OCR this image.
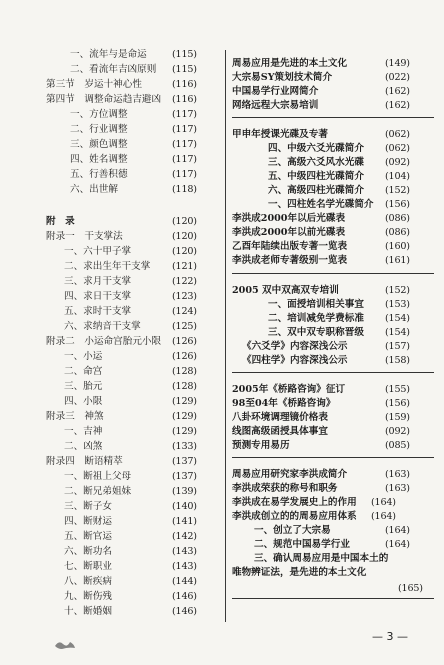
一、流年与是命运	(115)
二、看流年吉凶原则 (115)
第三节　岁运十神心性	(116)
第四节　调整命运趋吉避凶 (116)
一、方位调整	(117)
二、行业调整	(117)
三、颜色调整	(117)
四、姓名调整	(117)
五、行善积德	(117)
六、出世解	(118)
附　录	(120)
附录一　干支掌法	(120)
一、六十甲子掌	(120)
二、求出生年干支掌 (121)
三、求月干支掌	(122)
四、求日干支掌	(123)
五、求时干支掌	(124)
六、求纳音干支掌	(125)
附录二　小运命宫胎元小限 (126)
一、小运	(126)
二、命宫	(128)
三、胎元	(128)
四、小限	(129)
附录三　神煞	(129)
一、吉神	(129)
二、凶煞	(133)
附录四　断语精萃	(137)
一、断祖上父母	(137)
二、断兄弟姐妹	(139)
三、断子女	(140)
四、断财运	(141)
五、断官运	(142)
六、断功名	(143)
七、断职业	(143)
八、断疾病	(144)
九、断伤残	(146)
十、断婚姻	(146)
周易应用是先进的本土文化	(149)
大宗易SY策划技术简介	(022)
中国易学行业网简介	(162)
网络远程大宗易培训	(162)
甲申年授课光碟及专著	(062)
四、中级六爻光碟简介 (062)
三、高级六爻风水光碟 (092)
五、中级四柱光碟简介 (104)
六、高级四柱光碟简介 (152)
一、四柱姓名学光碟简介 (156)
李洪成2000年以后光碟表	(086)
李洪成2000年以前光碟表	(086)
乙酉年陆续出版专著一览表	(160)
李洪成老师专著级别一览表	(161)
2005 双中双高双专培训	(152)
一、面授培训相关事宜 (153)
二、培训减免学费标准 (154)
三、双中双专职称晋级 (154)
《六爻学》内容深浅公示	(157)
《四柱学》内容深浅公示	(158)
2005年《桥路咨询》征订	(155)
98至04年《桥路咨询》	(156)
八卦环境调理镜价格表	(159)
线图高级函授具体事宜	(092)
预测专用易历	(085)
周易应用研究家李洪成简介	(163)
李洪成荣获的称号和职务	(163)
李洪成在易学发展史上的作用 (164)
李洪成创立的的周易应用体系 (164)
一、创立了大宗易	(164)
二、规范中国易学行业	(164)
三、确认周易应用是中国本土的
唯物辨证法，是先进的本土文化
(165)
— 3 —
